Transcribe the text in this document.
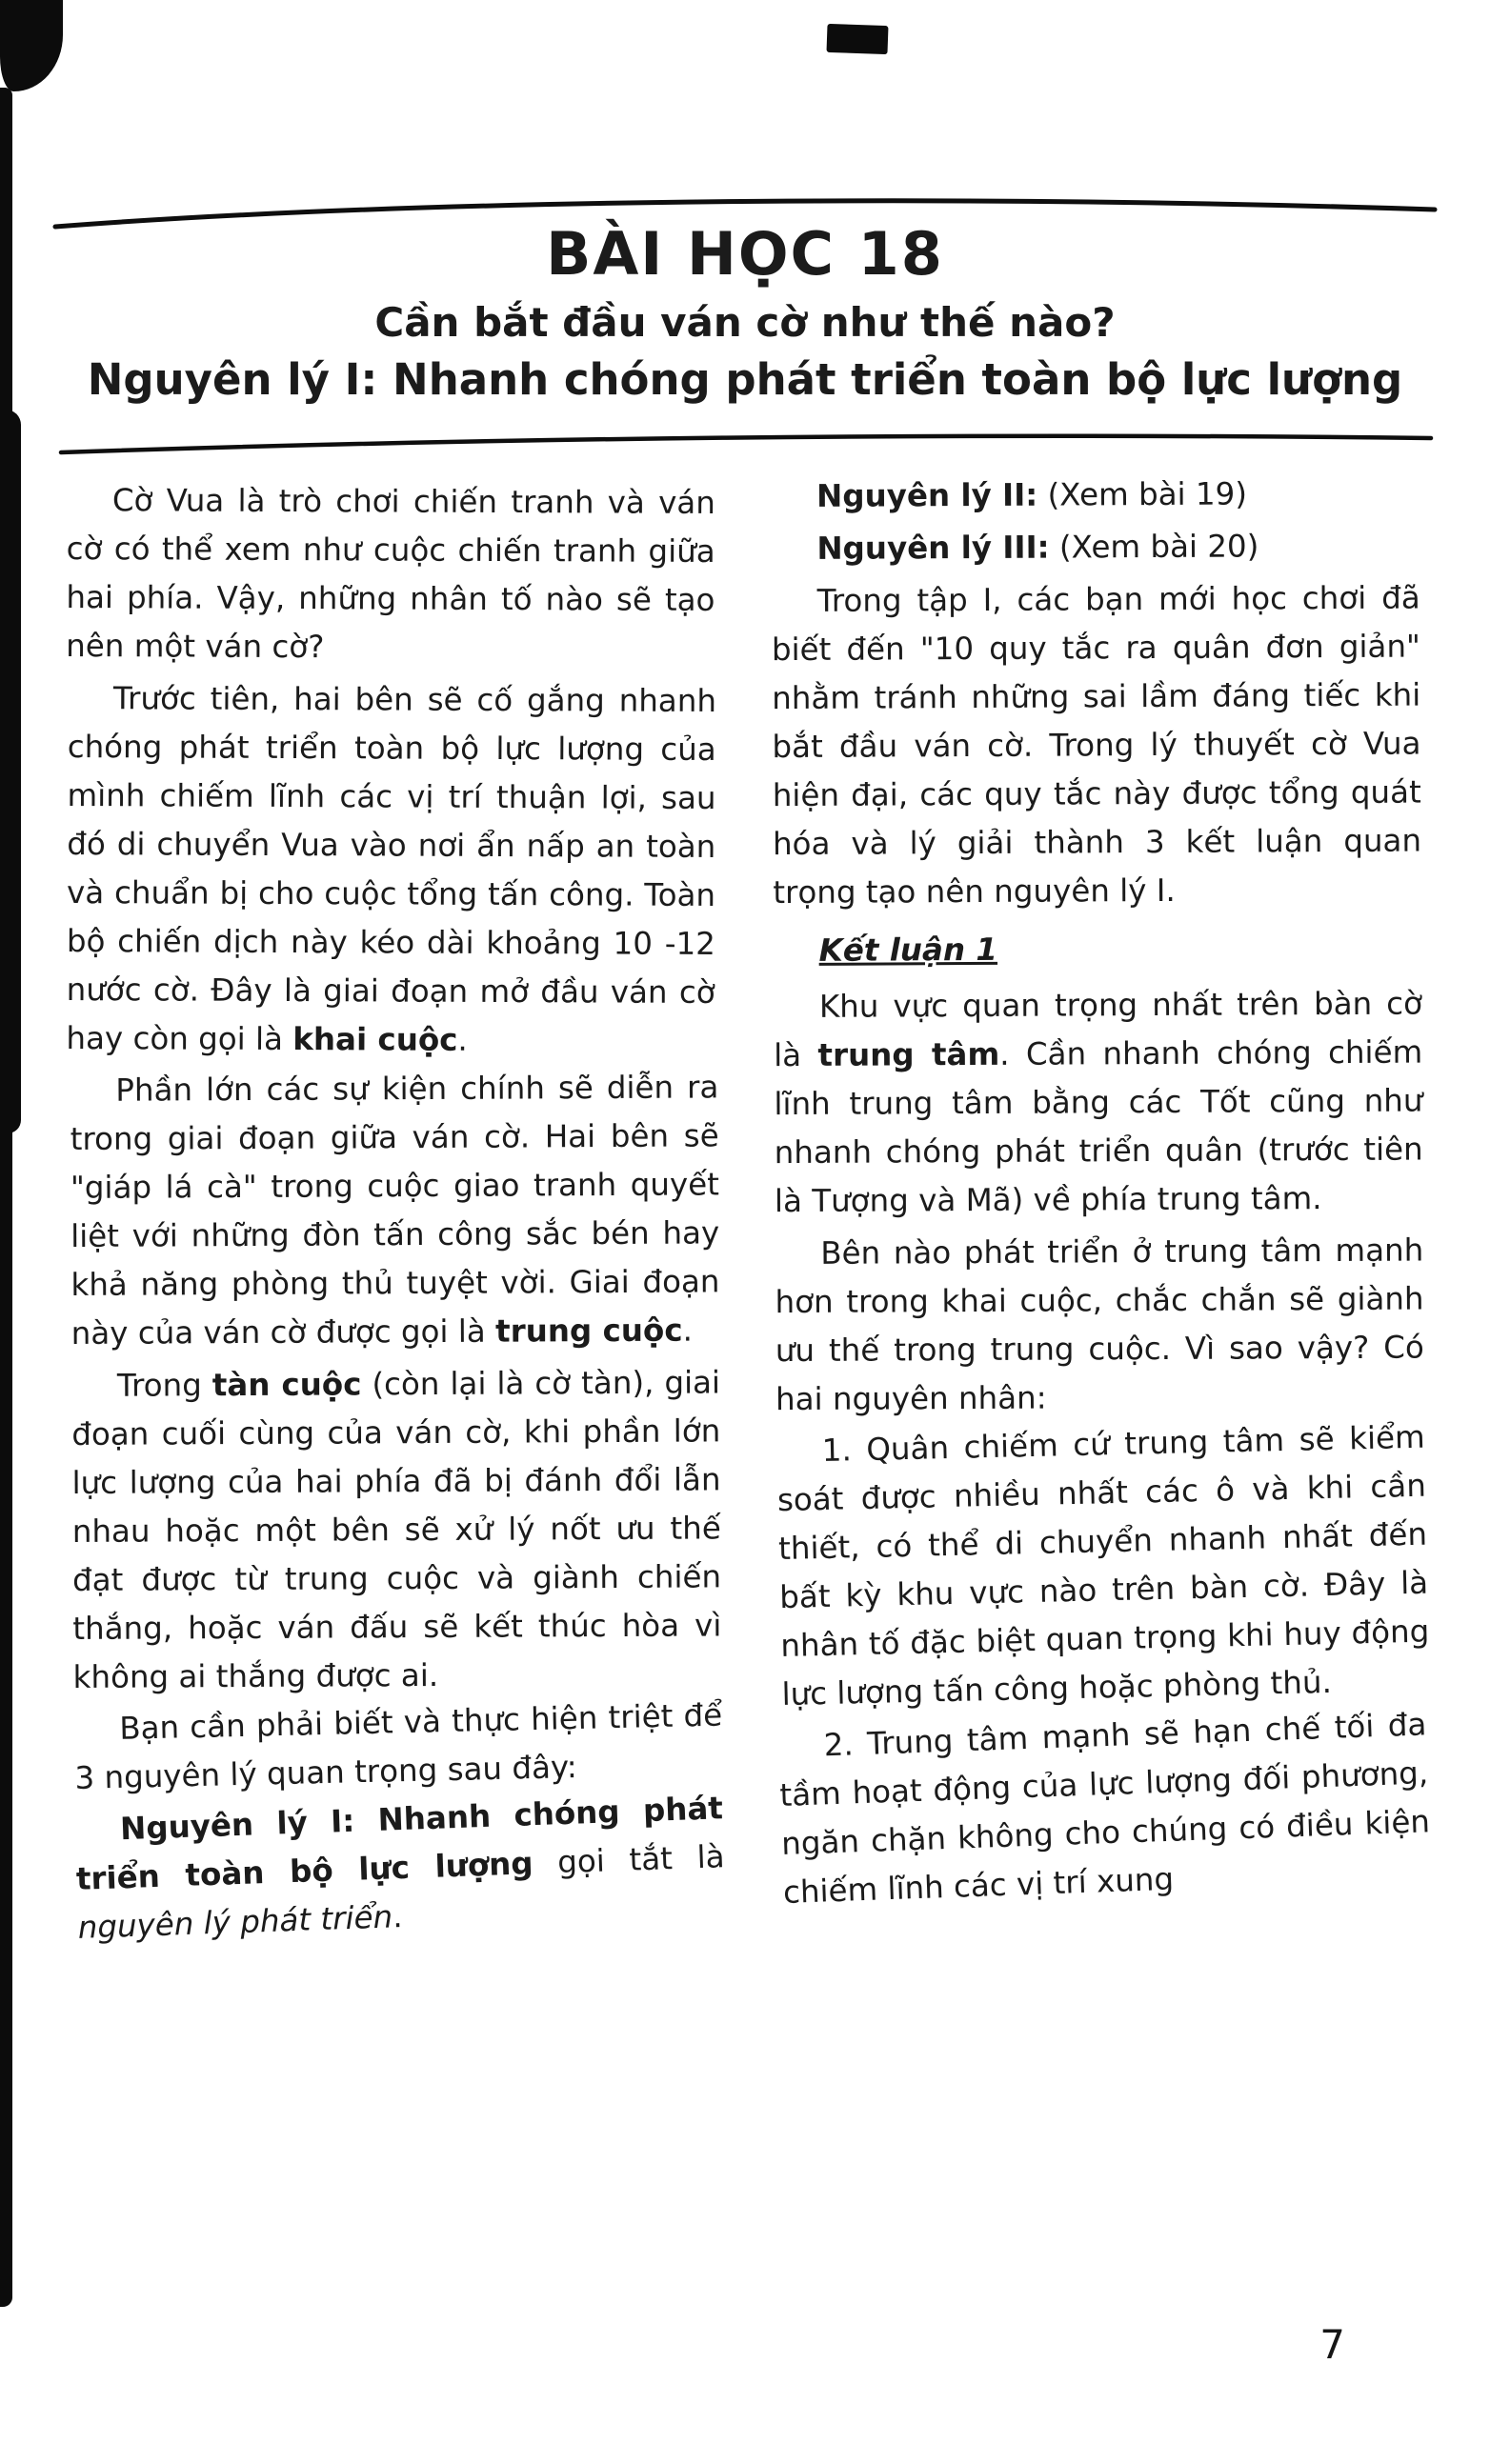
BÀI HỌC 18
Cần bắt đầu ván cờ như thế nào?
Nguyên lý I: Nhanh chóng phát triển toàn bộ lực lượng

Cờ Vua là trò chơi chiến tranh và ván cờ có thể xem như cuộc chiến tranh giữa hai phía. Vậy, những nhân tố nào sẽ tạo nên một ván cờ?

Trước tiên, hai bên sẽ cố gắng nhanh chóng phát triển toàn bộ lực lượng của mình chiếm lĩnh các vị trí thuận lợi, sau đó di chuyển Vua vào nơi ẩn nấp an toàn và chuẩn bị cho cuộc tổng tấn công. Toàn bộ chiến dịch này kéo dài khoảng 10 -12 nước cờ. Đây là giai đoạn mở đầu ván cờ hay còn gọi là khai cuộc.

Phần lớn các sự kiện chính sẽ diễn ra trong giai đoạn giữa ván cờ. Hai bên sẽ "giáp lá cà" trong cuộc giao tranh quyết liệt với những đòn tấn công sắc bén hay khả năng phòng thủ tuyệt vời. Giai đoạn này của ván cờ được gọi là trung cuộc.

Trong tàn cuộc (còn lại là cờ tàn), giai đoạn cuối cùng của ván cờ, khi phần lớn lực lượng của hai phía đã bị đánh đổi lẫn nhau hoặc một bên sẽ xử lý nốt ưu thế đạt được từ trung cuộc và giành chiến thắng, hoặc ván đấu sẽ kết thúc hòa vì không ai thắng được ai.

Bạn cần phải biết và thực hiện triệt để 3 nguyên lý quan trọng sau đây:

Nguyên lý I: Nhanh chóng phát triển toàn bộ lực lượng gọi tắt là nguyên lý phát triển.

Nguyên lý II: (Xem bài 19)

Nguyên lý III: (Xem bài 20)

Trong tập I, các bạn mới học chơi đã biết đến "10 quy tắc ra quân đơn giản" nhằm tránh những sai lầm đáng tiếc khi bắt đầu ván cờ. Trong lý thuyết cờ Vua hiện đại, các quy tắc này được tổng quát hóa và lý giải thành 3 kết luận quan trọng tạo nên nguyên lý I.

Kết luận 1

Khu vực quan trọng nhất trên bàn cờ là trung tâm. Cần nhanh chóng chiếm lĩnh trung tâm bằng các Tốt cũng như nhanh chóng phát triển quân (trước tiên là Tượng và Mã) về phía trung tâm.

Bên nào phát triển ở trung tâm mạnh hơn trong khai cuộc, chắc chắn sẽ giành ưu thế trong trung cuộc. Vì sao vậy? Có hai nguyên nhân:

1. Quân chiếm cứ trung tâm sẽ kiểm soát được nhiều nhất các ô và khi cần thiết, có thể di chuyển nhanh nhất đến bất kỳ khu vực nào trên bàn cờ. Đây là nhân tố đặc biệt quan trọng khi huy động lực lượng tấn công hoặc phòng thủ.

2. Trung tâm mạnh sẽ hạn chế tối đa tầm hoạt động của lực lượng đối phương, ngăn chặn không cho chúng có điều kiện chiếm lĩnh các vị trí xung

7
